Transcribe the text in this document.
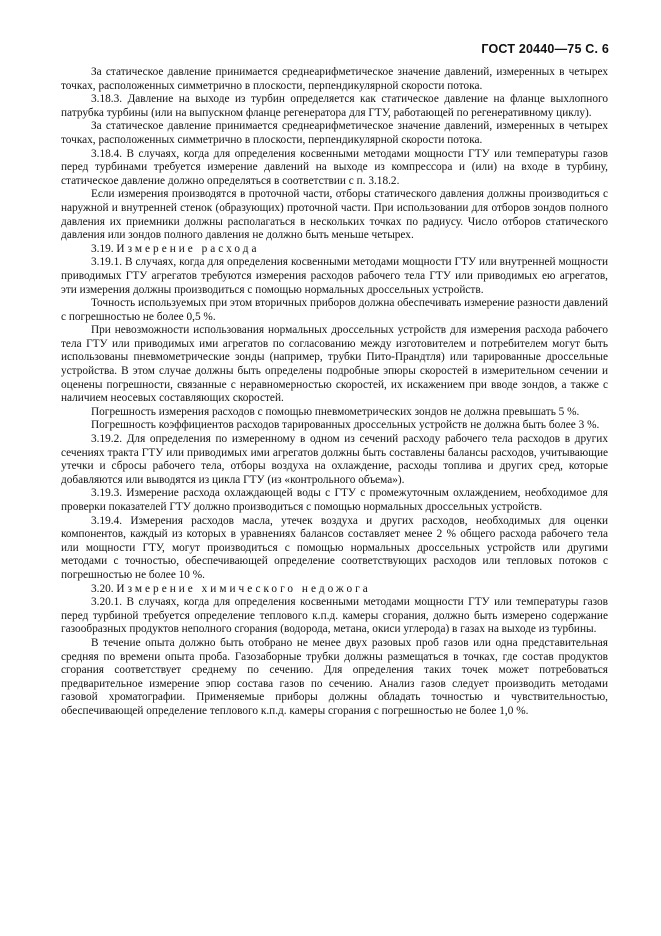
ГОСТ 20440—75 С. 6

За статическое давление принимается среднеарифметическое значение давлений, измеренных в четырех точках, расположенных симметрично в плоскости, перпендикулярной скорости потока.

3.18.3. Давление на выходе из турбин определяется как статическое давление на фланце выхлопного патрубка турбины (или на выпускном фланце регенератора для ГТУ, работающей по регенеративному циклу).

За статическое давление принимается среднеарифметическое значение давлений, измеренных в четырех точках, расположенных симметрично в плоскости, перпендикулярной скорости потока.

3.18.4. В случаях, когда для определения косвенными методами мощности ГТУ или температуры газов перед турбинами требуется измерение давлений на выходе из компрессора и (или) на входе в турбину, статическое давление должно определяться в соответствии с п. 3.18.2.

Если измерения производятся в проточной части, отборы статического давления должны производиться с наружной и внутренней стенок (образующих) проточной части. При использовании для отборов зондов полного давления их приемники должны располагаться в нескольких точках по радиусу. Число отборов статического давления или зондов полного давления не должно быть меньше четырех.

3.19. Измерение расхода

3.19.1. В случаях, когда для определения косвенными методами мощности ГТУ или внутренней мощности приводимых ГТУ агрегатов требуются измерения расходов рабочего тела ГТУ или приводимых ею агрегатов, эти измерения должны производиться с помощью нормальных дроссельных устройств.

Точность используемых при этом вторичных приборов должна обеспечивать измерение разности давлений с погрешностью не более 0,5 %.

При невозможности использования нормальных дроссельных устройств для измерения расхода рабочего тела ГТУ или приводимых ими агрегатов по согласованию между изготовителем и потребителем могут быть использованы пневмометрические зонды (например, трубки Пито-Прандтля) или тарированные дроссельные устройства. В этом случае должны быть определены подробные эпюры скоростей в измерительном сечении и оценены погрешности, связанные с неравномерностью скоростей, их искажением при вводе зондов, а также с наличием неосевых составляющих скоростей.

Погрешность измерения расходов с помощью пневмометрических зондов не должна превышать 5 %.

Погрешность коэффициентов расходов тарированных дроссельных устройств не должна быть более 3 %.

3.19.2. Для определения по измеренному в одном из сечений расходу рабочего тела расходов в других сечениях тракта ГТУ или приводимых ими агрегатов должны быть составлены балансы расходов, учитывающие утечки и сбросы рабочего тела, отборы воздуха на охлаждение, расходы топлива и других сред, которые добавляются или выводятся из цикла ГТУ (из «контрольного объема»).

3.19.3. Измерение расхода охлаждающей воды с ГТУ с промежуточным охлаждением, необходимое для проверки показателей ГТУ должно производиться с помощью нормальных дроссельных устройств.

3.19.4. Измерения расходов масла, утечек воздуха и других расходов, необходимых для оценки компонентов, каждый из которых в уравнениях балансов составляет менее 2 % общего расхода рабочего тела или мощности ГТУ, могут производиться с помощью нормальных дроссельных устройств или другими методами с точностью, обеспечивающей определение соответствующих расходов или тепловых потоков с погрешностью не более 10 %.

3.20. Измерение химического недожога

3.20.1. В случаях, когда для определения косвенными методами мощности ГТУ или температуры газов перед турбиной требуется определение теплового к.п.д. камеры сгорания, должно быть измерено содержание газообразных продуктов неполного сгорания (водорода, метана, окиси углерода) в газах на выходе из турбины.

В течение опыта должно быть отобрано не менее двух разовых проб газов или одна представительная средняя по времени опыта проба. Газозаборные трубки должны размещаться в точках, где состав продуктов сгорания соответствует среднему по сечению. Для определения таких точек может потребоваться предварительное измерение эпюр состава газов по сечению. Анализ газов следует производить методами газовой хроматографии. Применяемые приборы должны обладать точностью и чувствительностью, обеспечивающей определение теплового к.п.д. камеры сгорания с погрешностью не более 1,0 %.
